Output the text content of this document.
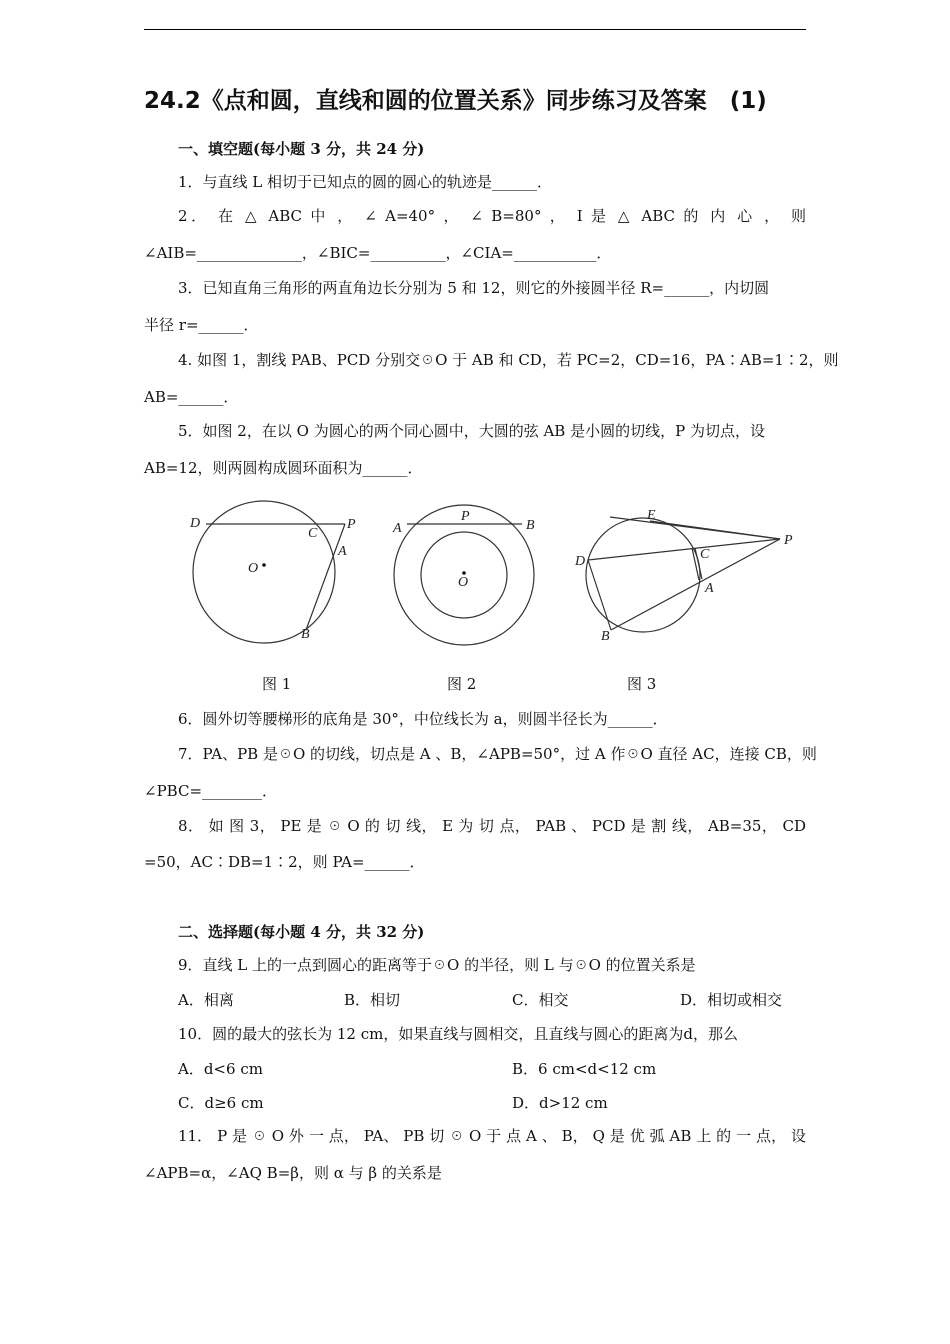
24.2《点和圆，直线和圆的位置关系》同步练习及答案　(1)
一、填空题(每小题 3 分，共 24 分)
1．与直线 L 相切于已知点的圆的圆心的轨迹是______．
2． 在 △ ABC 中 ， ∠ A=40° ， ∠ B=80° ， I 是 △ ABC 的 内 心 ， 则
∠AIB=______________，∠BIC=__________，∠CIA=___________．
3．已知直角三角形的两直角边长分别为 5 和 12，则它的外接圆半径 R=______，内切圆
半径 r=______．
4. 如图 1，割线 PAB、PCD 分别交☉O 于 AB 和 CD，若 PC=2，CD=16，PA∶AB=1∶2，则
AB=______．
5．如图 2，在以 O 为圆心的两个同心圆中，大圆的弦 AB 是小圆的切线，P 为切点，设
AB=12，则两圆构成圆环面积为______．
D
C
P
A
O
B
A
P
B
O
E
P
D	C
A
B
图 1	图 2	图 3
6．圆外切等腰梯形的底角是 30°，中位线长为 a，则圆半径长为______．
7．PA、PB 是☉O 的切线，切点是 A 、B，∠APB=50°，过 A 作☉O 直径 AC，连接 CB，则
∠PBC=________．
8． 如 图 3， PE 是 ☉ O 的 切 线， E 为 切 点， PAB 、 PCD 是 割 线， AB=35， CD
=50，AC∶DB=1∶2，则 PA=______．
二、选择题(每小题 4 分，共 32 分)
9．直线 L 上的一点到圆心的距离等于☉O 的半径，则 L 与☉O 的位置关系是
A．相离	B．相切	C．相交	D．相切或相交
10．圆的最大的弦长为 12 cm，如果直线与圆相交，且直线与圆心的距离为d，那么
A．d<6 cm	B．6 cm<d<12 cm
C．d≥6 cm	D．d>12 cm
11． P 是 ☉ O 外 一 点， PA、 PB 切 ☉ O 于 点 A 、 B， Q 是 优 弧 AB 上 的 一 点， 设
∠APB=α，∠AQ B=β，则 α 与 β 的关系是
